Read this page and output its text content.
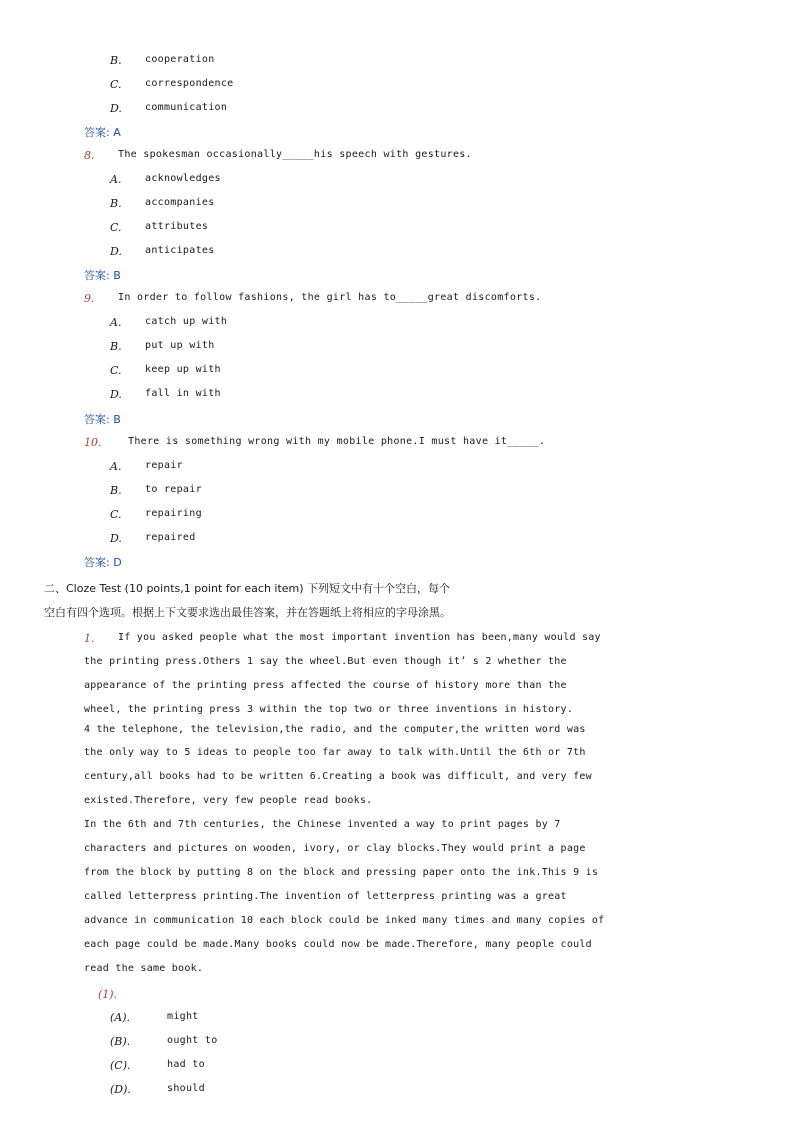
B. cooperation
C. correspondence
D. communication
答案: A
8. The spokesman occasionally_____his speech with gestures.
A. acknowledges
B. accompanies
C. attributes
D. anticipates
答案: B
9. In order to follow fashions, the girl has to_____great discomforts.
A. catch up with
B. put up with
C. keep up with
D. fall in with
答案: B
10.	There is something wrong with my mobile phone.I must have it_____.
A. repair
B. to repair
C. repairing
D. repaired
答案: D
二、Cloze Test (10 points,1 point for each item) 下列短文中有十个空白，每个
空白有四个选项。根据上下文要求选出最佳答案，并在答题纸上将相应的字母涂黑。
1. If you asked people what the most important invention has been,many would say
the printing press.Others 1 say the wheel.But even though it’ s 2 whether the
appearance of the printing press affected the course of history more than the
wheel, the printing press 3 within the top two or three inventions in history.
4 the telephone, the television,the radio, and the computer,the written word was
the only way to 5 ideas to people too far away to talk with.Until the 6th or 7th
century,all books had to be written 6.Creating a book was difficult, and very few
existed.Therefore, very few people read books.
In the 6th and 7th centuries, the Chinese invented a way to print pages by 7
characters and pictures on wooden, ivory, or clay blocks.They would print a page
from the block by putting 8 on the block and pressing paper onto the ink.This 9 is
called letterpress printing.The invention of letterpress printing was a great
advance in communication 10 each block could be inked many times and many copies of
each page could be made.Many books could now be made.Therefore, many people could
read the same book.
(1).
(A).	might
(B).	ought to
(C).	had to
(D).	should
